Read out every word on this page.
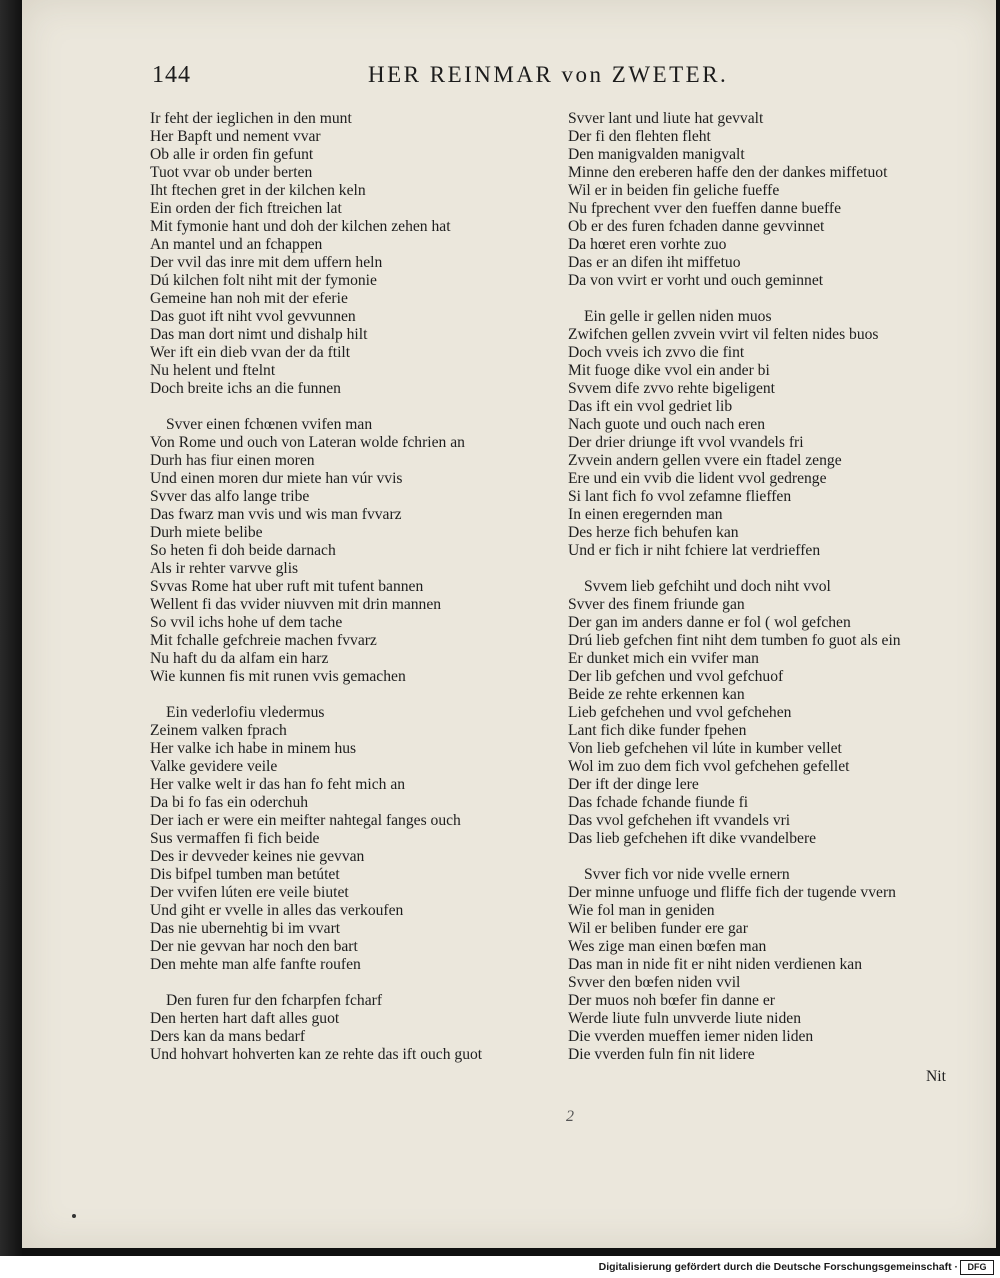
144	HER REINMAR von ZWETER.
Ir feht der ieglichen in den munt
Her Bapft und nement vvar
Ob alle ir orden fin gefunt
Tuot vvar ob under berten
Iht ftechen gret in der kilchen keln
Ein orden der fich ftreichen lat
Mit fymonie hant und doh der kilchen zehen hat
An mantel und an fchappen
Der vvil das inre mit dem uffern heln
Dú kilchen folt niht mit der fymonie
Gemeine han noh mit der eferie
Das guot ift niht vvol gevvunnen
Das man dort nimt und dishalp hilt
Wer ift ein dieb vvan der da ftilt
Nu helent und ftelnt
Doch breite ichs an die funnen
Svver einen fchœnen vvifen man
Von Rome und ouch von Lateran wolde fchrien an
Durh has fiur einen moren
Und einen moren dur miete han vúr vvis
Svver das alfo lange tribe
Das fwarz man vvis und wis man fvvarz
Durh miete belibe
So heten fi doh beide darnach
Als ir rehter varvve glis
Svvas Rome hat uber ruft mit tufent bannen
Wellent fi das vvider niuvven mit drin mannen
So vvil ichs hohe uf dem tache
Mit fchalle gefchreie machen fvvarz
Nu haft du da alfam ein harz
Wie kunnen fis mit runen vvis gemachen
Ein vederlofiu vledermus
Zeinem valken fprach
Her valke ich habe in minem hus
Valke gevidere veile
Her valke welt ir das han fo feht mich an
Da bi fo fas ein oderchuh
Der iach er were ein meifter nahtegal fanges ouch
Sus vermaffen fi fich beide
Des ir devveder keines nie gevvan
Dis bifpel tumben man betútet
Der vvifen lúten ere veile biutet
Und giht er vvelle in alles das verkoufen
Das nie ubernehtig bi im vvart
Der nie gevvan har noch den bart
Den mehte man alfe fanfte roufen
Den furen fur den fcharpfen fcharf
Den herten hart daft alles guot
Ders kan da mans bedarf
Und hohvart hohverten kan ze rehte das ift ouch guot
Svver lant und liute hat gevvalt
Der fi den flehten fleht
Den manigvalden manigvalt
Minne den ereberen haffe den der dankes miffetuot
Wil er in beiden fin geliche fueffe
Nu fprechent vver den fueffen danne bueffe
Ob er des furen fchaden danne gevvinnet
Da hœret eren vorhte zuo
Das er an difen iht miffetuo
Da von vvirt er vorht und ouch geminnet
Ein gelle ir gellen niden muos
Zwifchen gellen zvvein vvirt vil felten nides buos
Doch vveis ich zvvo die fint
Mit fuoge dike vvol ein ander bi
Svvem dife zvvo rehte bigeligent
Das ift ein vvol gedriet lib
Nach guote und ouch nach eren
Der drier driunge ift vvol vvandels fri
Zvvein andern gellen vvere ein ftadel zenge
Ere und ein vvib die lident vvol gedrenge
Si lant fich fo vvol zefamne flieffen
In einen eregernden man
Des herze fich behufen kan
Und er fich ir niht fchiere lat verdrieffen
Svvem lieb gefchiht und doch niht vvol
Svver des finem friunde gan
Der gan im anders danne er fol ( wol gefchen
Drú lieb gefchen fint niht dem tumben fo guot als ein
Er dunket mich ein vvifer man
Der lib gefchen und vvol gefchuof
Beide ze rehte erkennen kan
Lieb gefchehen und vvol gefchehen
Lant fich dike funder fpehen
Von lieb gefchehen vil lúte in kumber vellet
Wol im zuo dem fich vvol gefchehen gefellet
Der ift der dinge lere
Das fchade fchande fiunde fi
Das vvol gefchehen ift vvandels vri
Das lieb gefchehen ift dike vvandelbere
Svver fich vor nide vvelle ernern
Der minne unfuoge und fliffe fich der tugende vvern
Wie fol man in geniden
Wil er beliben funder ere gar
Wes zige man einen bœfen man
Das man in nide fit er niht niden verdienen kan
Svver den bœfen niden vvil
Der muos noh bœfer fin danne er
Werde liute fuln unvverde liute niden
Die vverden mueffen iemer niden liden
Die vverden fuln fin nit lidere
Nit
2
Digitalisierung gefördert durch die Deutsche Forschungsgemeinschaft ·	DFG
